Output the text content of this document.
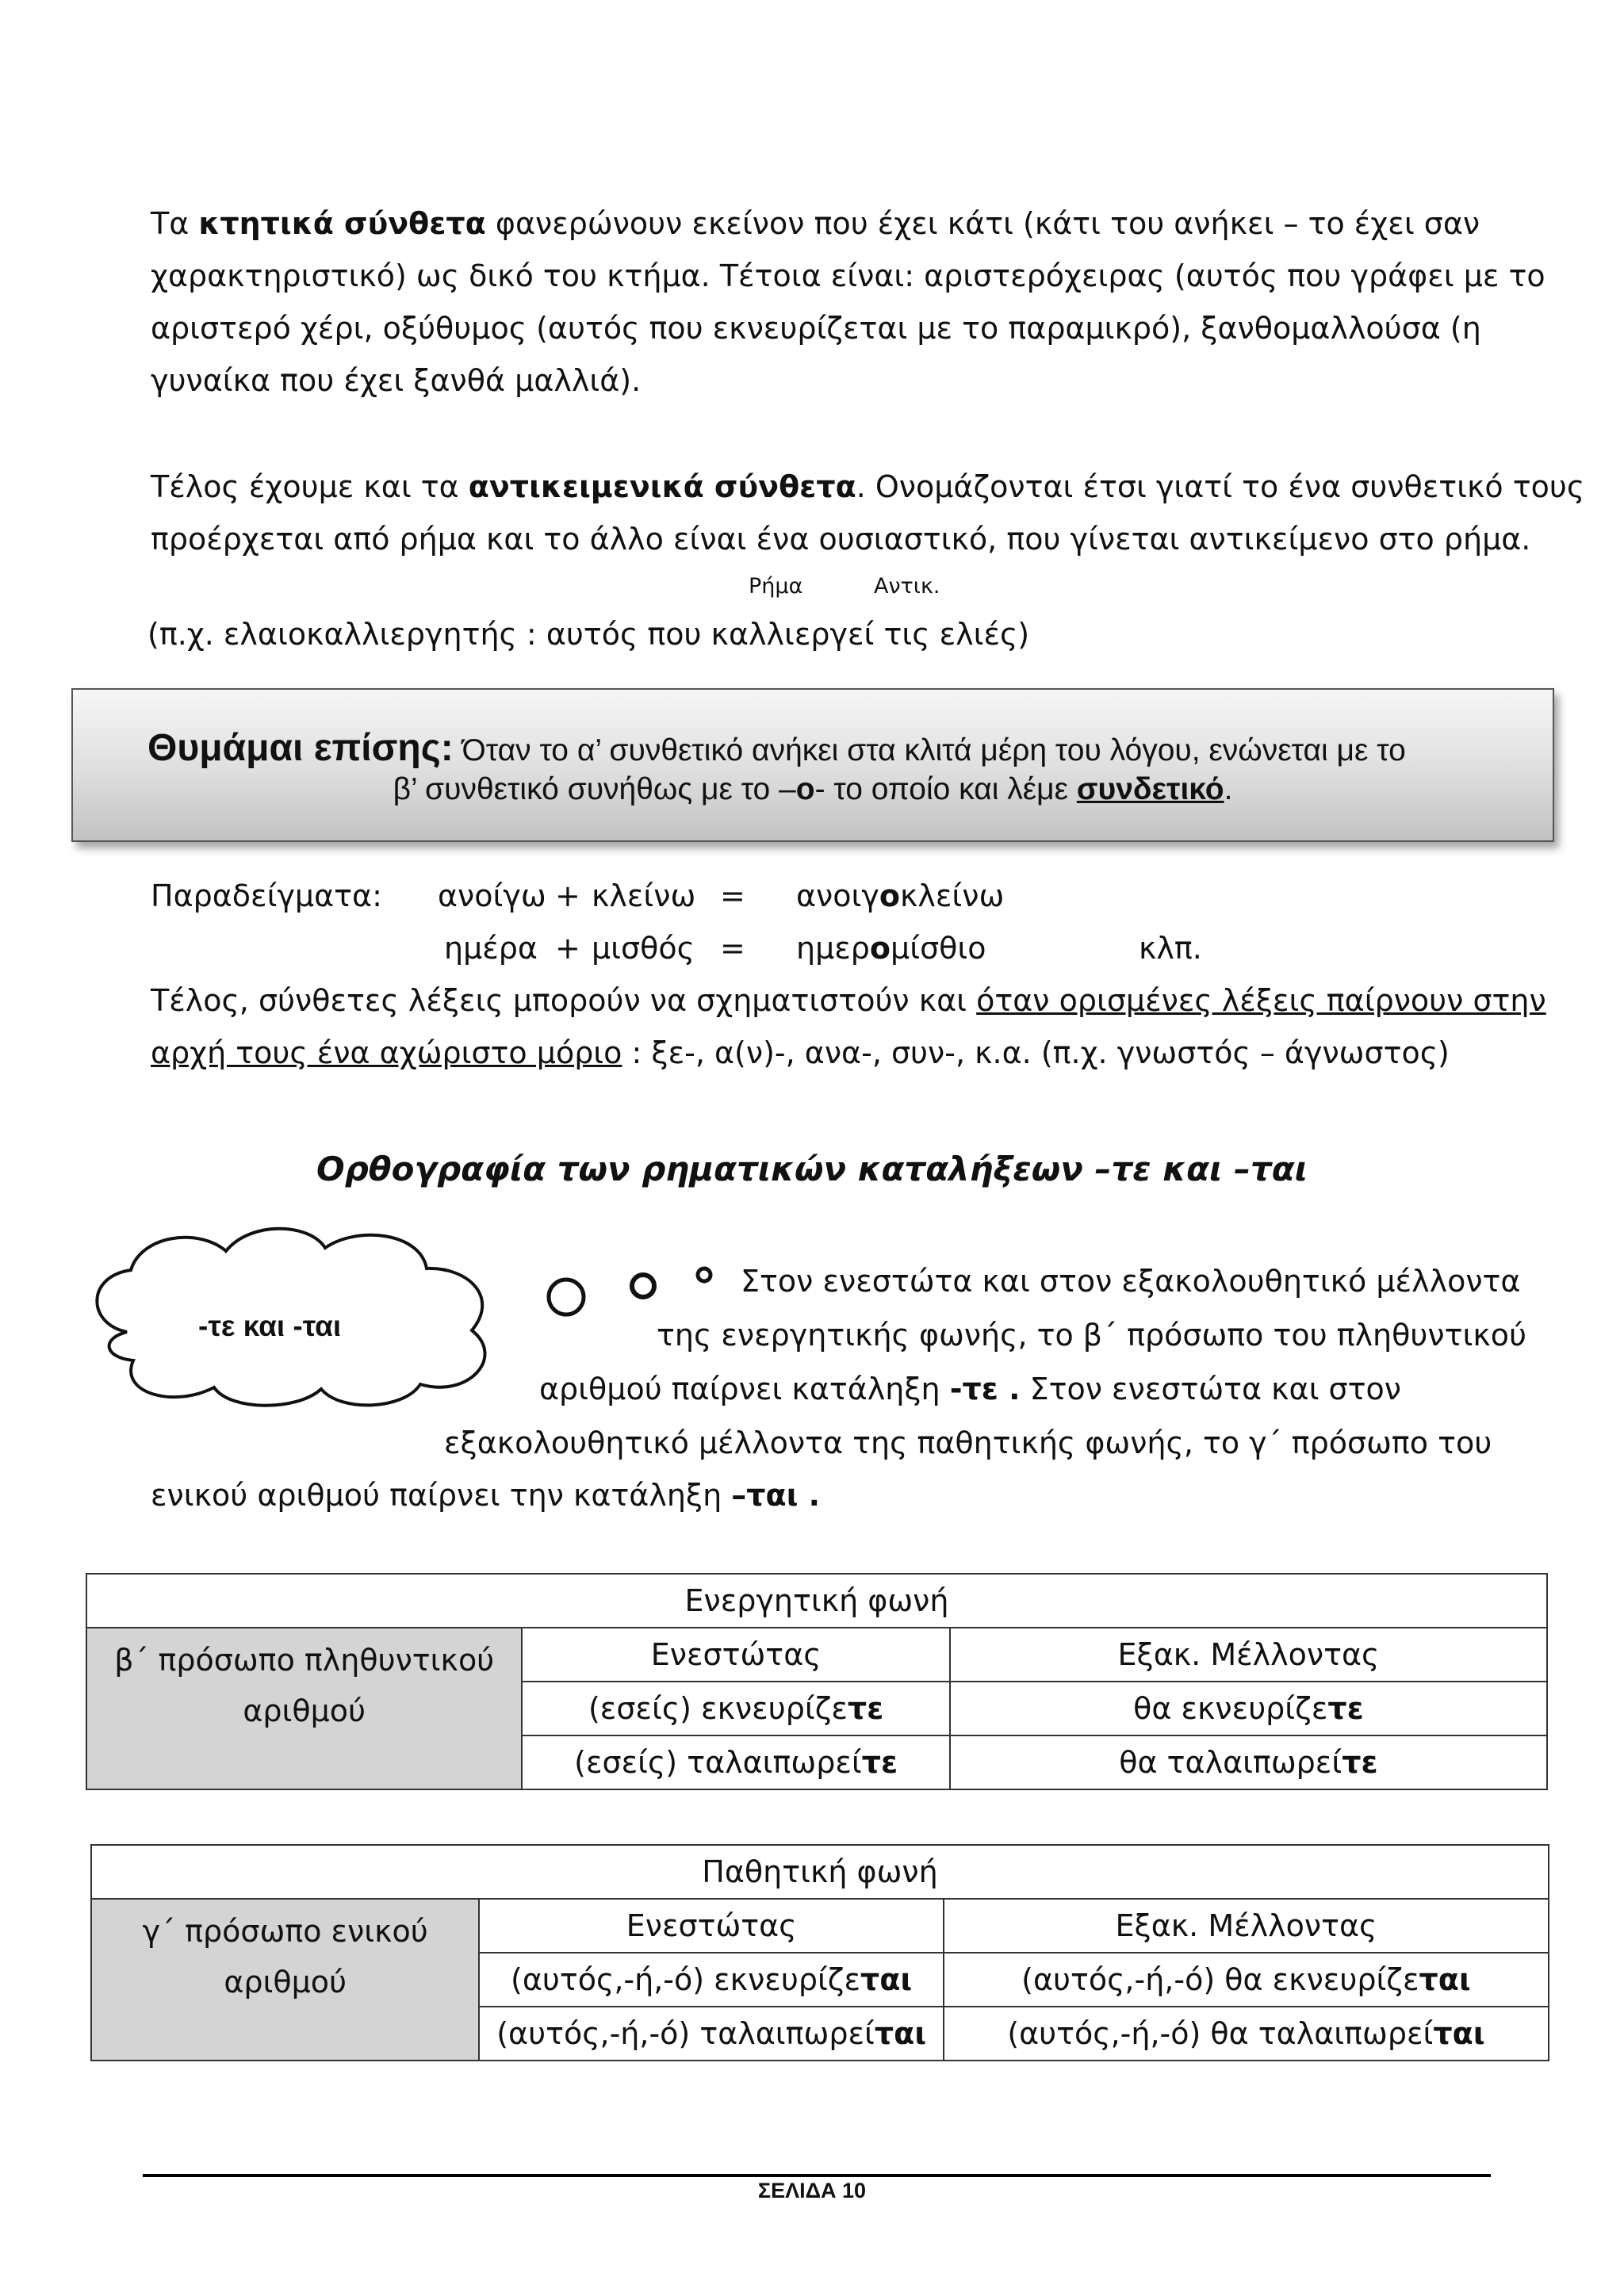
Τα κτητικά σύνθετα φανερώνουν εκείνον που έχει κάτι (κάτι του ανήκει – το έχει σαν
χαρακτηριστικό) ως δικό του κτήμα. Τέτοια είναι: αριστερόχειρας (αυτός που γράφει με το
αριστερό χέρι, οξύθυμος (αυτός που εκνευρίζεται με το παραμικρό), ξανθομαλλούσα (η
γυναίκα που έχει ξανθά μαλλιά).
Τέλος έχουμε και τα αντικειμενικά σύνθετα. Ονομάζονται έτσι γιατί το ένα συνθετικό τους
προέρχεται από ρήμα και το άλλο είναι ένα ουσιαστικό, που γίνεται αντικείμενο στο ρήμα.
Ρήμα	Αντικ.
(π.χ. ελαιοκαλλιεργητής : αυτός που καλλιεργεί τις ελιές)
Θυμάμαι επίσης: Όταν το α’ συνθετικό ανήκει στα κλιτά μέρη του λόγου, ενώνεται με το
β’ συνθετικό συνήθως με το –ο- το οποίο και λέμε συνδετικό.
Παραδείγματα: ανοίγω + κλείνω = ανοιγοκλείνω
ημέρα + μισθός = ημερομίσθιο	κλπ.
Τέλος, σύνθετες λέξεις μπορούν να σχηματιστούν και όταν ορισμένες λέξεις παίρνουν στην
αρχή τους ένα αχώριστο μόριο : ξε-, α(ν)-, ανα-, συν-, κ.α. (π.χ. γνωστός – άγνωστος)
Ορθογραφία των ρηματικών καταλήξεων –τε και –ται
-τε και -ται
Στον ενεστώτα και στον εξακολουθητικό μέλλοντα
της ενεργητικής φωνής, το β΄ πρόσωπο του πληθυντικού
αριθμού παίρνει κατάληξη -τε . Στον ενεστώτα και στον
εξακολουθητικό μέλλοντα της παθητικής φωνής, το γ΄ πρόσωπο του
ενικού αριθμού παίρνει την κατάληξη –ται .
Ενεργητική φωνή		

β΄ πρόσωπο πληθυντικού
αριθμού	Ενεστώτας	Εξακ. Μέλλοντας
	(εσείς) εκνευρίζετε	θα εκνευρίζετε
	(εσείς) ταλαιπωρείτε	θα ταλαιπωρείτε
Παθητική φωνή		

γ΄ πρόσωπο ενικού
αριθμού	Ενεστώτας	Εξακ. Μέλλοντας
	(αυτός,-ή,-ό) εκνευρίζεται	(αυτός,-ή,-ό) θα εκνευρίζεται
	(αυτός,-ή,-ό) ταλαιπωρείται	(αυτός,-ή,-ό) θα ταλαιπωρείται
ΣΕΛΙΔΑ 10
